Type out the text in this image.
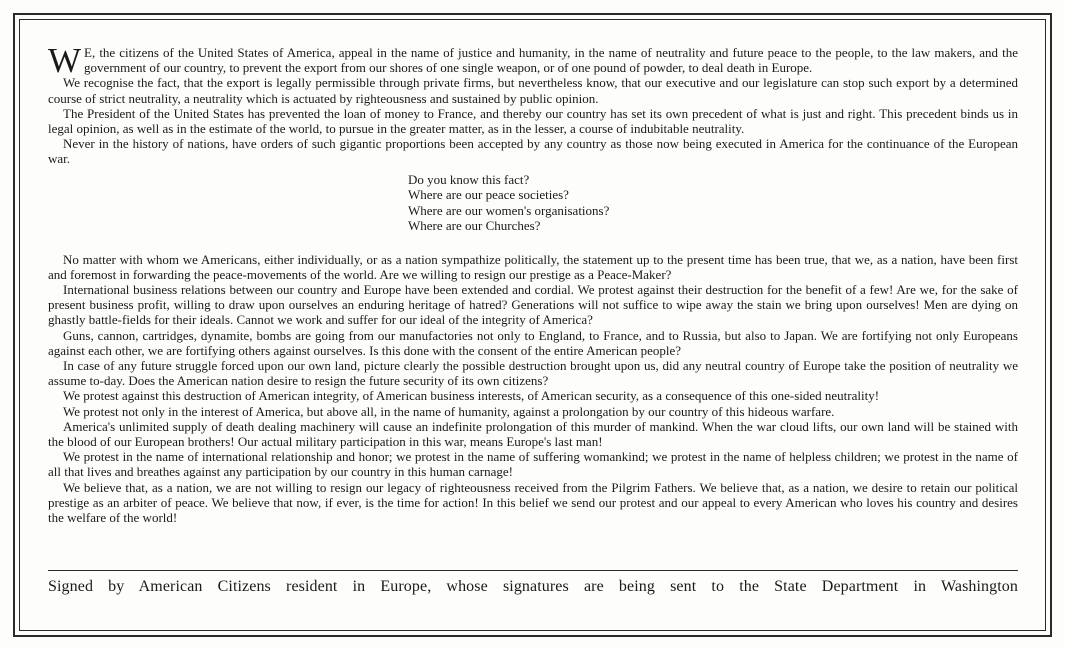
W E, the citizens of the United States of America, appeal in the name of justice and humanity, in the name of neutrality and future peace to the people, to the law makers, and the government of our country, to prevent the export from our shores of one single weapon, or of one pound of powder, to deal death in Europe.

We recognise the fact, that the export is legally permissible through private firms, but nevertheless know, that our executive and our legislature can stop such export by a determined course of strict neutrality, a neutrality which is actuated by righteousness and sustained by public opinion.

The President of the United States has prevented the loan of money to France, and thereby our country has set its own precedent of what is just and right. This precedent binds us in legal opinion, as well as in the estimate of the world, to pursue in the greater matter, as in the lesser, a course of indubitable neutrality.

Never in the history of nations, have orders of such gigantic proportions been accepted by any country as those now being executed in America for the continuance of the European war.

Do you know this fact?
Where are our peace societies?
Where are our women's organisations?
Where are our Churches?

No matter with whom we Americans, either individually, or as a nation sympathize politically, the statement up to the present time has been true, that we, as a nation, have been first and foremost in forwarding the peace-movements of the world. Are we willing to resign our prestige as a Peace-Maker?

International business relations between our country and Europe have been extended and cordial. We protest against their destruction for the benefit of a few! Are we, for the sake of present business profit, willing to draw upon ourselves an enduring heritage of hatred? Generations will not suffice to wipe away the stain we bring upon ourselves! Men are dying on ghastly battle-fields for their ideals. Cannot we work and suffer for our ideal of the integrity of America?

Guns, cannon, cartridges, dynamite, bombs are going from our manufactories not only to England, to France, and to Russia, but also to Japan. We are fortifying not only Europeans against each other, we are fortifying others against ourselves. Is this done with the consent of the entire American people?

In case of any future struggle forced upon our own land, picture clearly the possible destruction brought upon us, did any neutral country of Europe take the position of neutrality we assume to-day. Does the American nation desire to resign the future security of its own citizens?

We protest against this destruction of American integrity, of American business interests, of American security, as a consequence of this one-sided neutrality!

We protest not only in the interest of America, but above all, in the name of humanity, against a prolongation by our country of this hideous warfare.

America's unlimited supply of death dealing machinery will cause an indefinite prolongation of this murder of mankind. When the war cloud lifts, our own land will be stained with the blood of our European brothers! Our actual military participation in this war, means Europe's last man!

We protest in the name of international relationship and honor; we protest in the name of suffering womankind; we protest in the name of helpless children; we protest in the name of all that lives and breathes against any participation by our country in this human carnage!

We believe that, as a nation, we are not willing to resign our legacy of righteousness received from the Pilgrim Fathers. We believe that, as a nation, we desire to retain our political prestige as an arbiter of peace. We believe that now, if ever, is the time for action! In this belief we send our protest and our appeal to every American who loves his country and desires the welfare of the world!

Signed by American Citizens resident in Europe, whose signatures are being sent to the State Department in Washington
